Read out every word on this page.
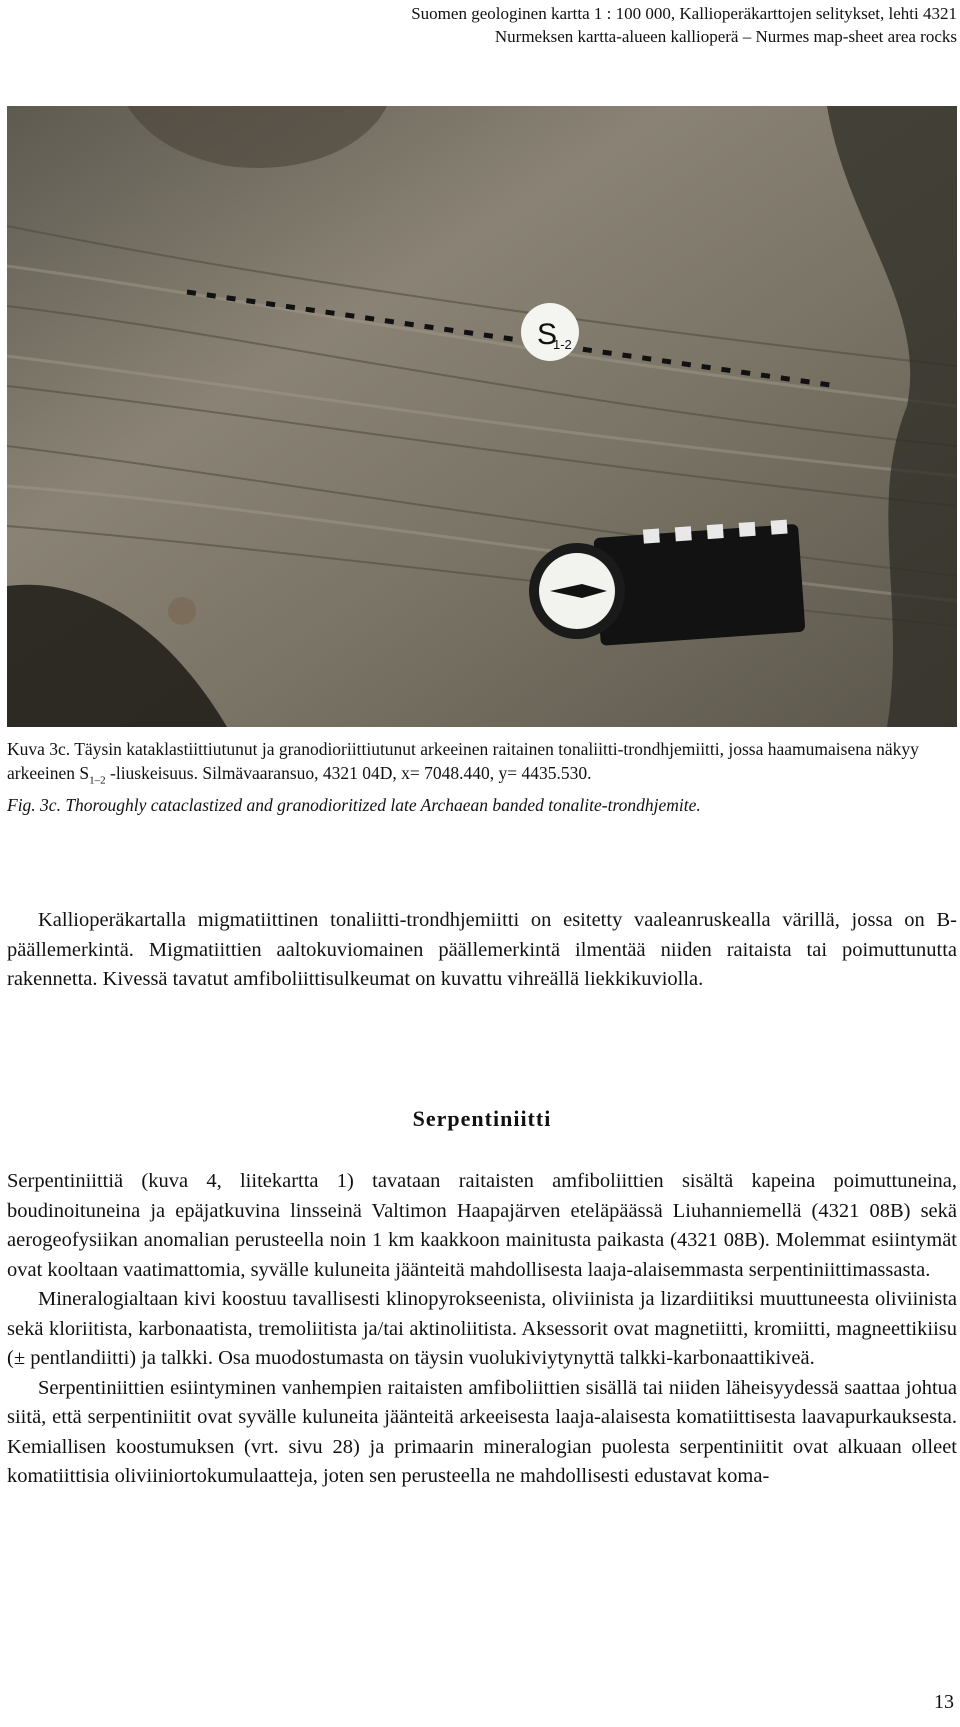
Suomen geologinen kartta 1 : 100 000, Kallioperäkarttojen selitykset, lehti 4321
Nurmeksen kartta-alueen kallioperä – Nurmes map-sheet area rocks
S
1-2
Kuva 3c. Täysin kataklastiittiutunut ja granodioriittiutunut arkeeinen raitainen tonaliitti-trondhjemiitti, jossa haamumaisena näkyy arkeeinen $S_{1-2}$ -liuskeisuus. Silmävaaransuo, 4321 04D, x= 7048.440, y= 4435.530.
Fig. 3c. Thoroughly cataclastized and granodioritized late Archaean banded tonalite-trondhjemite.

Kallioperäkartalla migmatiittinen tonaliitti-trondhjemiitti on esitetty vaaleanruskealla värillä, jossa on B-päällemerkintä. Migmatiittien aaltokuviomainen päällemerkintä ilmentää niiden raitaista tai poimuttunutta rakennetta. Kivessä tavatut amfiboliittisulkeumat on kuvattu vihreällä liekkikuviolla.

Serpentiniitti

Serpentiniittiä (kuva 4, liitekartta 1) tavataan raitaisten amfiboliittien sisältä kapeina poimuttuneina, boudinoituneina ja epäjatkuvina linsseinä Valtimon Haapajärven eteläpäässä Liuhanniemellä (4321 08B) sekä aerogeofysiikan anomalian perusteella noin 1 km kaakkoon mainitusta paikasta (4321 08B). Molemmat esiintymät ovat kooltaan vaatimattomia, syvälle kuluneita jäänteitä mahdollisesta laaja-alaisemmasta serpentiniittimassasta.

Mineralogialtaan kivi koostuu tavallisesti klinopyrokseenista, oliviinista ja lizardiitiksi muuttuneesta oliviinista sekä kloriitista, karbonaatista, tremoliitista ja/tai aktinoliitista. Aksessorit ovat magnetiitti, kromiitti, magneettikiisu (± pentlandiitti) ja talkki. Osa muodostumasta on täysin vuolukiviytynyttä talkki-karbonaattikiveä.

Serpentiniittien esiintyminen vanhempien raitaisten amfiboliittien sisällä tai niiden läheisyydessä saattaa johtua siitä, että serpentiniitit ovat syvälle kuluneita jäänteitä arkeeisesta laaja-alaisesta komatiittisesta laavapurkauksesta. Kemiallisen koostumuksen (vrt. sivu 28) ja primaarin mineralogian puolesta serpentiniitit ovat alkuaan olleet komatiittisia oliviiniortokumulaatteja, joten sen perusteella ne mahdollisesti edustavat koma-

13
